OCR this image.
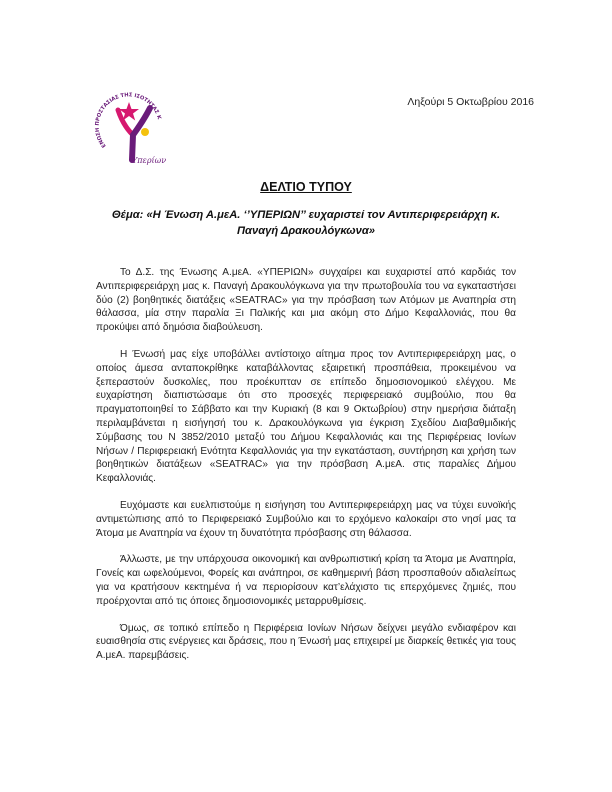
ΕΝΩΣΗ ΠΡΟΣΤΑΣΙΑΣ ΤΗΣ ΙΣΟΤΗΤΑΣ Κ
Υπερίων
Ληξούρι 5 Οκτωβρίου 2016
ΔΕΛΤΙΟ ΤΥΠΟΥ
Θέμα: «Η Ένωση Α.μεΑ. ‘’ΥΠΕΡΙΩΝ’’ ευχαριστεί τον Αντιπεριφερειάρχη κ.
Παναγή Δρακουλόγκωνα»

Το Δ.Σ. της Ένωσης Α.μεΑ. «ΥΠΕΡΙΩΝ» συγχαίρει και ευχαριστεί από καρδιάς τον Αντιπεριφερειάρχη μας κ. Παναγή Δρακουλόγκωνα για την πρωτοβουλία του να εγκαταστήσει δύο (2) βοηθητικές διατάξεις «SEATRAC» για την πρόσβαση των Ατόμων με Αναπηρία στη θάλασσα, μία στην παραλία Ξι Παλικής και μια ακόμη στο Δήμο Κεφαλλονιάς, που θα προκύψει από δημόσια διαβούλευση.

Η Ένωσή μας είχε υποβάλλει αντίστοιχο αίτημα προς τον Αντιπεριφερειάρχη μας, ο οποίος άμεσα ανταποκρίθηκε καταβάλλοντας εξαιρετική προσπάθεια, προκειμένου να ξεπεραστούν δυσκολίες, που προέκυπταν σε επίπεδο δημοσιονομικού ελέγχου. Με ευχαρίστηση διαπιστώσαμε ότι στο προσεχές περιφερειακό συμβούλιο, που θα πραγματοποιηθεί το Σάββατο και την Κυριακή (8 και 9 Οκτωβρίου) στην ημερήσια διάταξη περιλαμβάνεται η εισήγησή του κ. Δρακουλόγκωνα για έγκριση Σχεδίου Διαβαθμιδικής Σύμβασης του Ν 3852/2010 μεταξύ του Δήμου Κεφαλλονιάς και της Περιφέρειας Ιονίων Νήσων / Περιφερειακή Ενότητα Κεφαλλονιάς για την εγκατάσταση, συντήρηση και χρήση των βοηθητικών διατάξεων «SEATRAC» για την πρόσβαση Α.μεΑ. στις παραλίες Δήμου Κεφαλλονιάς.

Ευχόμαστε και ευελπιστούμε η εισήγηση του Αντιπεριφερειάρχη μας να τύχει ευνοϊκής αντιμετώπισης από το Περιφερειακό Συμβούλιο και το ερχόμενο καλοκαίρι στο νησί μας τα Άτομα με Αναπηρία να έχουν τη δυνατότητα πρόσβασης στη θάλασσα.

Άλλωστε, με την υπάρχουσα οικονομική και ανθρωπιστική κρίση τα Άτομα με Αναπηρία, Γονείς και ωφελούμενοι, Φορείς και ανάπηροι, σε καθημερινή βάση προσπαθούν αδιαλείπως για να κρατήσουν κεκτημένα ή να περιορίσουν κατ’ελάχιστο τις επερχόμενες ζημιές, που προέρχονται από τις όποιες δημοσιονομικές μεταρρυθμίσεις.

Όμως, σε τοπικό επίπεδο η Περιφέρεια Ιονίων Νήσων δείχνει μεγάλο ενδιαφέρον και ευαισθησία στις ενέργειες και δράσεις, που η Ένωσή μας επιχειρεί με διαρκείς θετικές για τους Α.μεΑ. παρεμβάσεις.
